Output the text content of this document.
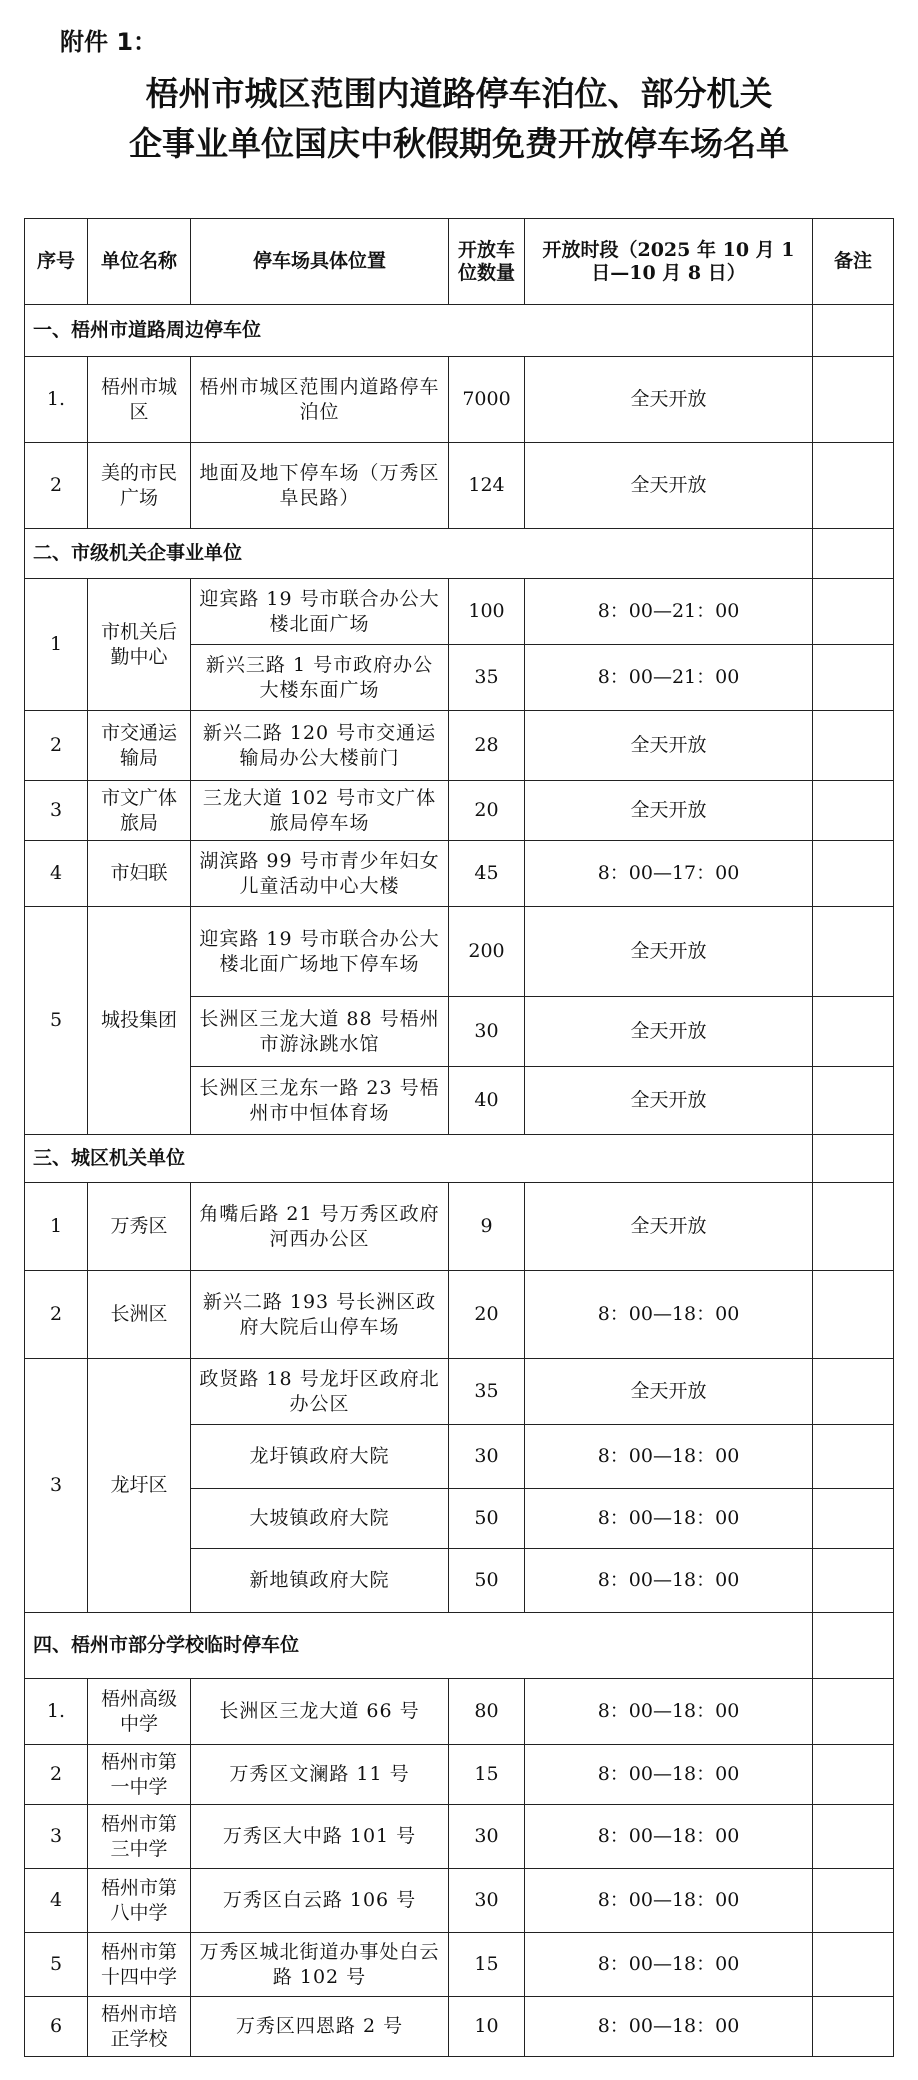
附件 1：
梧州市城区范围内道路停车泊位、部分机关
企事业单位国庆中秋假期免费开放停车场名单
序号	单位名称	停车场具体位置	开放车位数量	开放时段（2025 年 10 月 1 日—10 月 8 日）	备注
一、梧州市道路周边停车位					
1.	梧州市城区	梧州市城区范围内道路停车泊位	7000	全天开放	
2	美的市民广场	地面及地下停车场（万秀区阜民路）	124	全天开放	
二、市级机关企事业单位					
1	市机关后勤中心	迎宾路 19 号市联合办公大楼北面广场	100	8：00—21：00	
		新兴三路 1 号市政府办公大楼东面广场	35	8：00—21：00	
2	市交通运输局	新兴二路 120 号市交通运输局办公大楼前门	28	全天开放	
3	市文广体旅局	三龙大道 102 号市文广体旅局停车场	20	全天开放	
4	市妇联	湖滨路 99 号市青少年妇女儿童活动中心大楼	45	8：00—17：00	
5	城投集团	迎宾路 19 号市联合办公大楼北面广场地下停车场	200	全天开放	
		长洲区三龙大道 88 号梧州市游泳跳水馆	30	全天开放	
		长洲区三龙东一路 23 号梧州市中恒体育场	40	全天开放	
三、城区机关单位					
1	万秀区	角嘴后路 21 号万秀区政府河西办公区	9	全天开放	
2	长洲区	新兴二路 193 号长洲区政府大院后山停车场	20	8：00—18：00	
3	龙圩区	政贤路 18 号龙圩区政府北办公区	35	全天开放	
		龙圩镇政府大院	30	8：00—18：00	
		大坡镇政府大院	50	8：00—18：00	
		新地镇政府大院	50	8：00—18：00	
四、梧州市部分学校临时停车位					
1.	梧州高级中学	长洲区三龙大道 66 号	80	8：00—18：00	
2	梧州市第一中学	万秀区文澜路 11 号	15	8：00—18：00	
3	梧州市第三中学	万秀区大中路 101 号	30	8：00—18：00	
4	梧州市第八中学	万秀区白云路 106 号	30	8：00—18：00	
5	梧州市第十四中学	万秀区城北街道办事处白云路 102 号	15	8：00—18：00	
6	梧州市培正学校	万秀区四恩路 2 号	10	8：00—18：00	
